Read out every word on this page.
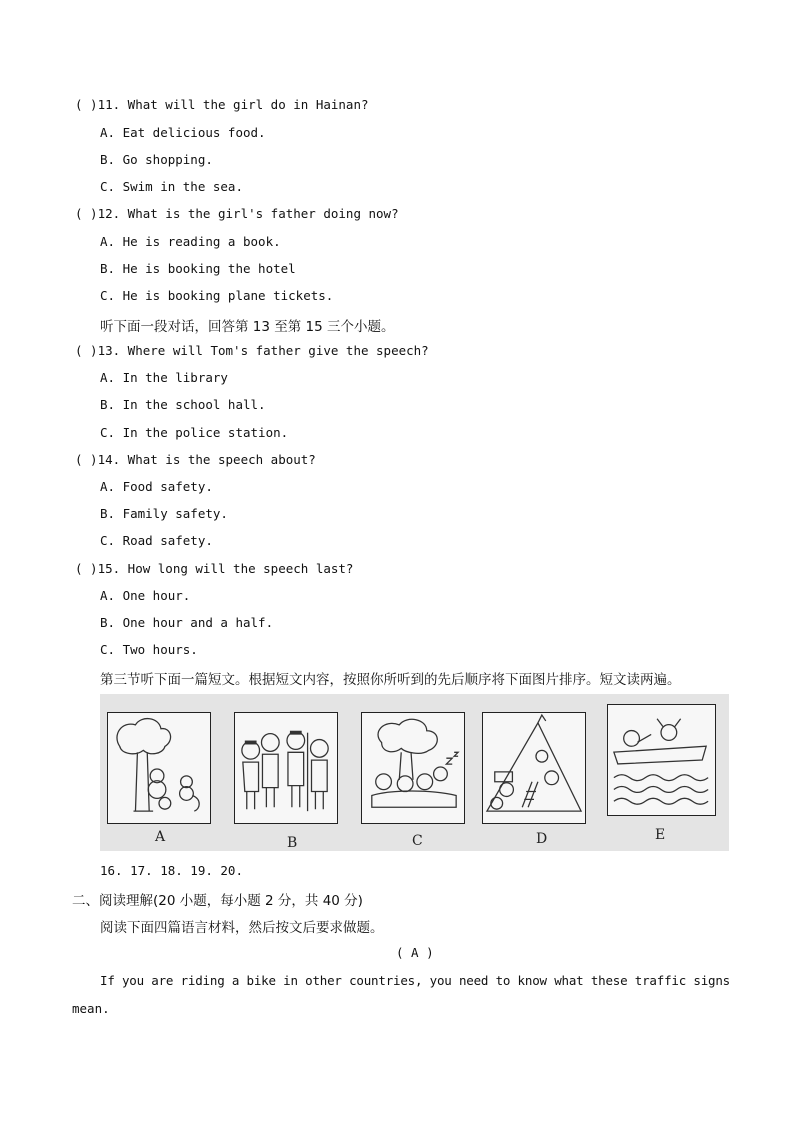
( )11. What will the girl do in Hainan?
A. Eat delicious food.
B. Go shopping.
C. Swim in the sea.
( )12. What is the girl's father doing now?
A. He is reading a book.
B. He is booking the hotel
C. He is booking plane tickets.
听下面一段对话，回答第 13 至第 15 三个小题。
( )13. Where will Tom's father give the speech?
A. In the library
B. In the school hall.
C. In the police station.
( )14. What is the speech about?
A. Food safety.
B. Family safety.
C. Road safety.
( )15. How long will the speech last?
A. One hour.
B. One hour and a half.
C. Two hours.
第三节听下面一篇短文。根据短文内容，按照你所听到的先后顺序将下面图片排序。短文读两遍。
A	B	C	D	E
16. 17. 18. 19. 20.
二、阅读理解(20 小题，每小题 2 分，共 40 分)
阅读下面四篇语言材料，然后按文后要求做题。
( A )
If you are riding a bike in other countries, you need to know what these traffic signs
mean.
